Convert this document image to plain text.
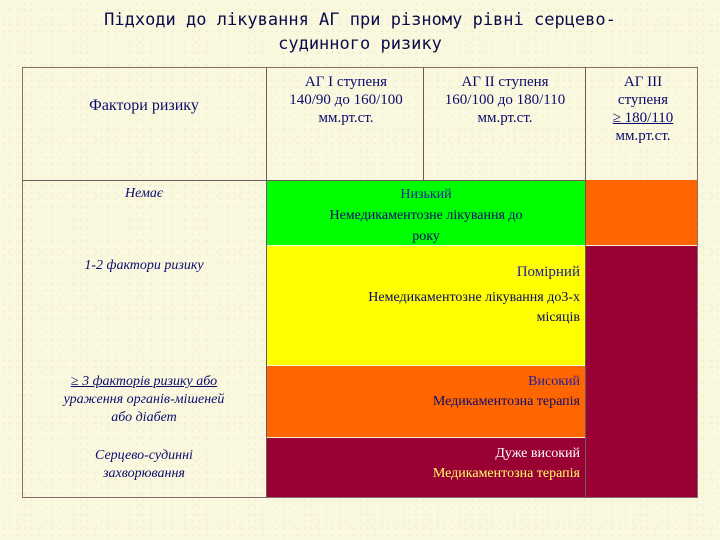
Підходи до лікування АГ при різному рівні серцево-
судинного ризику
Фактори ризику
АГ I ступеня
140/90 до 160/100
мм.рт.ст.
АГ II ступеня
160/100 до 180/110
мм.рт.ст.
АГ III
ступеня
≥ 180/110
мм.рт.ст.
Немає
1-2 фактори ризику
≥ 3 факторів ризику або
ураження органів-мішеней
або діабет
Серцево-судинні
захворювання
Низький
Немедикаментозне лікування до
року
Помірний
Немедикаментозне лікування до3-х
місяців
Високий
Медикаментозна терапія
Дуже високий
Медикаментозна терапія
